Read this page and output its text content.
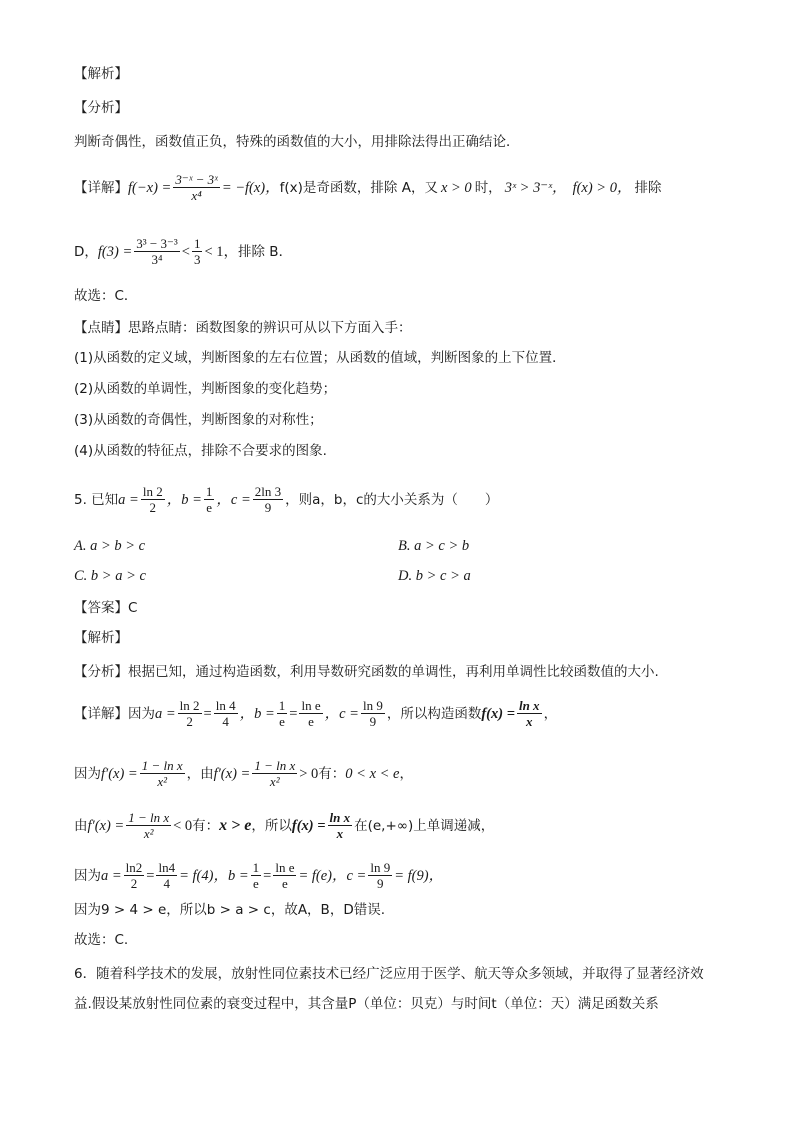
【解析】
【分析】
判断奇偶性，函数值正负，特殊的函数值的大小，用排除法得出正确结论．
【详解】 $f(-x) = \frac{\text{3⁻ˣ − 3ˣ}}{\text{x⁴}} = -f(x)$， f(x)是奇函数，排除 A，又 x > 0 时， 3ˣ > 3⁻ˣ， f(x) > 0， 排除
D， $f(3) = \frac{\text{3³ − 3⁻³}}{\text{3⁴}} < \frac{1}{3} < 1$， 排除 B．
故选：C．
【点睛】思路点睛：函数图象的辨识可从以下方面入手：
(1)从函数的定义域，判断图象的左右位置；从函数的值域，判断图象的上下位置．
(2)从函数的单调性，判断图象的变化趋势；
(3)从函数的奇偶性，判断图象的对称性；
(4)从函数的特征点，排除不合要求的图象.
5. 已知 $a = \frac{\ln 2}{2}$ ，$b = \frac{1}{e}$ ，$c = \frac{2\ln 3}{9}$ ，则a，b，c的大小关系为（　　）
A. a > b > c	B. a > c > b
C. b > a > c	D. b > c > a
【答案】C
【解析】
【分析】根据已知，通过构造函数，利用导数研究函数的单调性，再利用单调性比较函数值的大小.
【详解】因为 $a = \frac{\ln 2}{2} = \frac{\ln 4}{4}$ ，$b = \frac{1}{e} = \frac{\text{ln e}}{e}$ ，$c = \frac{\ln 9}{9}$ ，所以构造函数 $f(x) = \frac{\text{ln x}}{x}$ ，
因为 $f'(x) = \frac{\text{1 − ln x}}{\text{x²}}$ ，由 $f'(x) = \frac{\text{1 − ln x}}{\text{x²}} > 0$ 有： 0 < x < e ，
由 $f'(x) = \frac{\text{1 − ln x}}{\text{x²}} < 0$ 有： x > e ，所以 $f(x) = \frac{\text{ln x}}{x}$ 在(e,+∞)上单调递减，
因为 $a = \frac{\ln 2}{2} = \frac{\ln 4}{4} = f(4)$， $b = \frac{1}{e} = \frac{\text{ln e}}{e} = f(e)$， $c = \frac{\ln 9}{9} = f(9)$，
因为9 > 4 > e，所以b > a > c，故A，B，D错误.
故选：C.
6．随着科学技术的发展，放射性同位素技术已经广泛应用于医学、航天等众多领域，并取得了显著经济效
益.假设某放射性同位素的衰变过程中，其含量P（单位：贝克）与时间t（单位：天）满足函数关系
